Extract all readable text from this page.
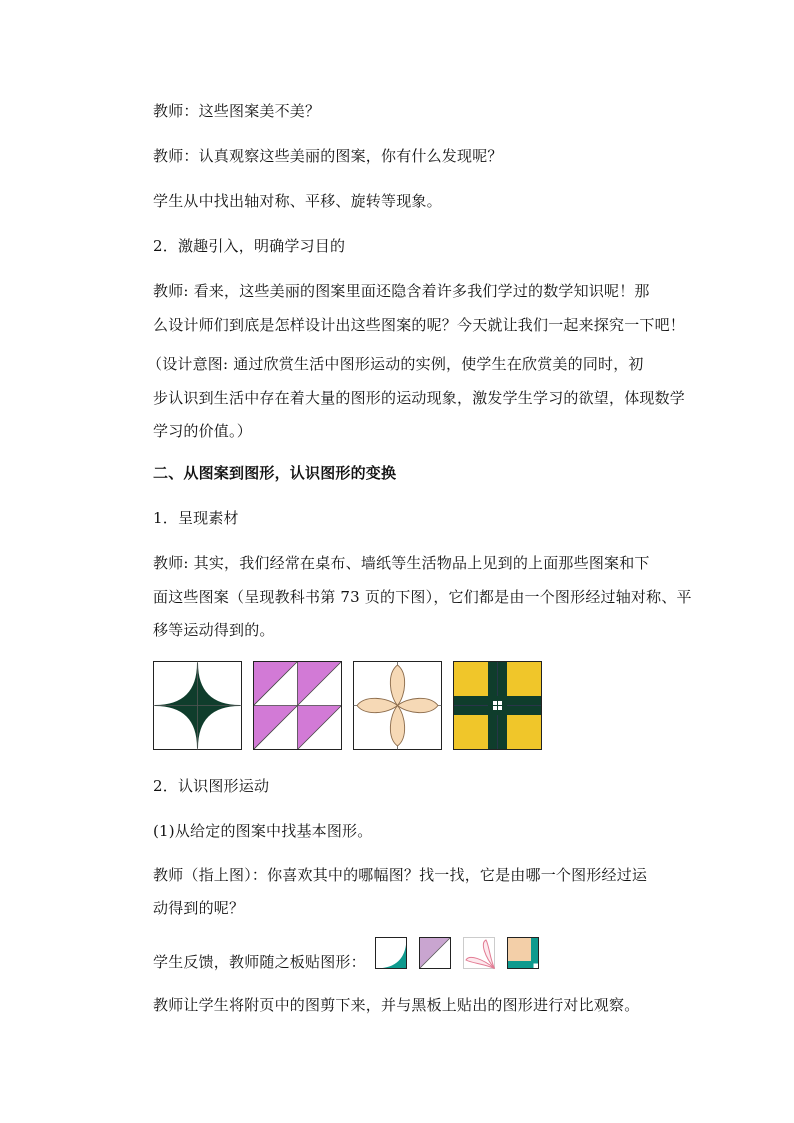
教师：这些图案美不美？
教师：认真观察这些美丽的图案，你有什么发现呢？
学生从中找出轴对称、平移、旋转等现象。
2．激趣引入，明确学习目的
教师: 看来，这些美丽的图案里面还隐含着许多我们学过的数学知识呢！那
么设计师们到底是怎样设计出这些图案的呢？今天就让我们一起来探究一下吧！
（设计意图: 通过欣赏生活中图形运动的实例，使学生在欣赏美的同时，初
步认识到生活中存在着大量的图形的运动现象，激发学生学习的欲望，体现数学
学习的价值。）
二、从图案到图形，认识图形的变换
1．呈现素材
教师: 其实，我们经常在桌布、墙纸等生活物品上见到的上面那些图案和下
面这些图案（呈现教科书第 73 页的下图），它们都是由一个图形经过轴对称、平
移等运动得到的。
2．认识图形运动
(1)从给定的图案中找基本图形。
教师（指上图）：你喜欢其中的哪幅图？找一找，它是由哪一个图形经过运
动得到的呢？
学生反馈，教师随之板贴图形：
教师让学生将附页中的图剪下来，并与黑板上贴出的图形进行对比观察。
